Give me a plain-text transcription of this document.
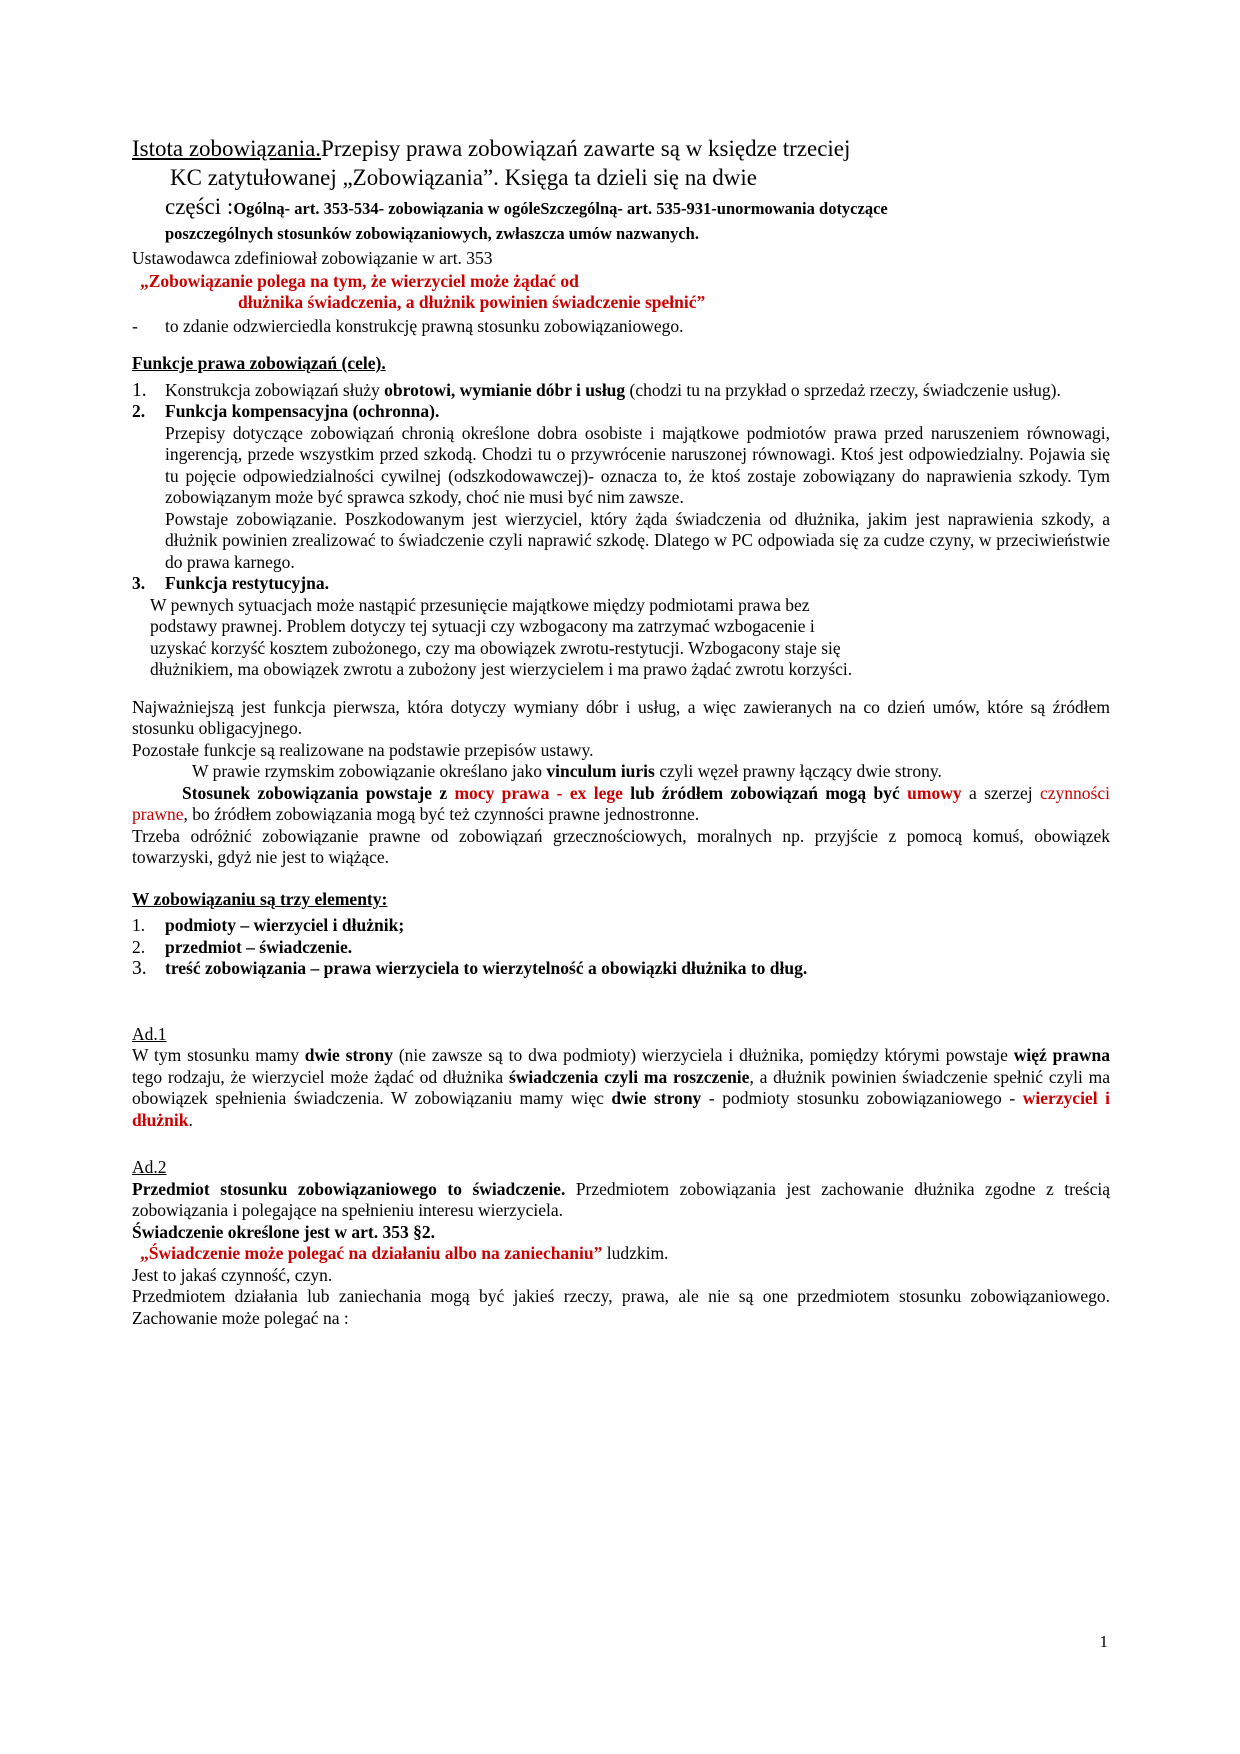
Istota zobowiązania.Przepisy prawa zobowiązań zawarte są w księdze trzeciej
KC zatytułowanej „Zobowiązania”. Księga ta dzieli się na dwie
części :Ogólną- art. 353-534- zobowiązania w ogóleSzczególną- art. 535-931-unormowania dotyczące
poszczególnych stosunków zobowiązaniowych, zwłaszcza umów nazwanych.

Ustawodawca zdefiniował zobowiązanie w art. 353

„Zobowiązanie polega na tym, że wierzyciel może żądać od
dłużnika świadczenia, a dłużnik powinien świadczenie spełnić”
-	to zdanie odzwierciedla konstrukcję prawną stosunku zobowiązaniowego.

Funkcje prawa zobowiązań (cele).

1.	Konstrukcja zobowiązań służy obrotowi, wymianie dóbr i usług (chodzi tu na przykład o sprzedaż rzeczy, świadczenie usług).
2.	Funkcja kompensacyjna (ochronna).
Przepisy dotyczące zobowiązań chronią określone dobra osobiste i majątkowe podmiotów prawa przed naruszeniem równowagi, ingerencją, przede wszystkim przed szkodą. Chodzi tu o przywrócenie naruszonej równowagi. Ktoś jest odpowiedzialny. Pojawia się tu pojęcie odpowiedzialności cywilnej (odszkodowawczej)- oznacza to, że ktoś zostaje zobowiązany do naprawienia szkody. Tym zobowiązanym może być sprawca szkody, choć nie musi być nim zawsze.
Powstaje zobowiązanie. Poszkodowanym jest wierzyciel, który żąda świadczenia od dłużnika, jakim jest naprawienia szkody, a dłużnik powinien zrealizować to świadczenie czyli naprawić szkodę. Dlatego w PC odpowiada się za cudze czyny, w przeciwieństwie do prawa karnego.
3.	Funkcja restytucyjna.
W pewnych sytuacjach może nastąpić przesunięcie majątkowe między podmiotami prawa bez podstawy prawnej. Problem dotyczy tej sytuacji czy wzbogacony ma zatrzymać wzbogacenie i uzyskać korzyść kosztem zubożonego, czy ma obowiązek zwrotu-restytucji. Wzbogacony staje się dłużnikiem, ma obowiązek zwrotu a zubożony jest wierzycielem i ma prawo żądać zwrotu korzyści.

Najważniejszą jest funkcja pierwsza, która dotyczy wymiany dóbr i usług, a więc zawieranych na co dzień umów, które są źródłem stosunku obligacyjnego.

Pozostałe funkcje są realizowane na podstawie przepisów ustawy.

W prawie rzymskim zobowiązanie określano jako vinculum iuris czyli węzeł prawny łączący dwie strony.

Stosunek zobowiązania powstaje z mocy prawa - ex lege lub źródłem zobowiązań mogą być umowy a szerzej czynności prawne, bo źródłem zobowiązania mogą być też czynności prawne jednostronne.

Trzeba odróżnić zobowiązanie prawne od zobowiązań grzecznościowych, moralnych np. przyjście z pomocą komuś, obowiązek towarzyski, gdyż nie jest to wiążące.

W zobowiązaniu są trzy elementy:

1.	podmioty – wierzyciel i dłużnik;
2.	przedmiot – świadczenie.
3.	treść zobowiązania – prawa wierzyciela to wierzytelność a obowiązki dłużnika to dług.

Ad.1

W tym stosunku mamy dwie strony (nie zawsze są to dwa podmioty) wierzyciela i dłużnika, pomiędzy którymi powstaje więź prawna tego rodzaju, że wierzyciel może żądać od dłużnika świadczenia czyli ma roszczenie, a dłużnik powinien świadczenie spełnić czyli ma obowiązek spełnienia świadczenia. W zobowiązaniu mamy więc dwie strony - podmioty stosunku zobowiązaniowego - wierzyciel i dłużnik.

Ad.2

Przedmiot stosunku zobowiązaniowego to świadczenie. Przedmiotem zobowiązania jest zachowanie dłużnika zgodne z treścią zobowiązania i polegające na spełnieniu interesu wierzyciela.

Świadczenie określone jest w art. 353 §2.

„Świadczenie może polegać na działaniu albo na zaniechaniu” ludzkim.

Jest to jakaś czynność, czyn.

Przedmiotem działania lub zaniechania mogą być jakieś rzeczy, prawa, ale nie są one przedmiotem stosunku zobowiązaniowego. Zachowanie może polegać na :

1
